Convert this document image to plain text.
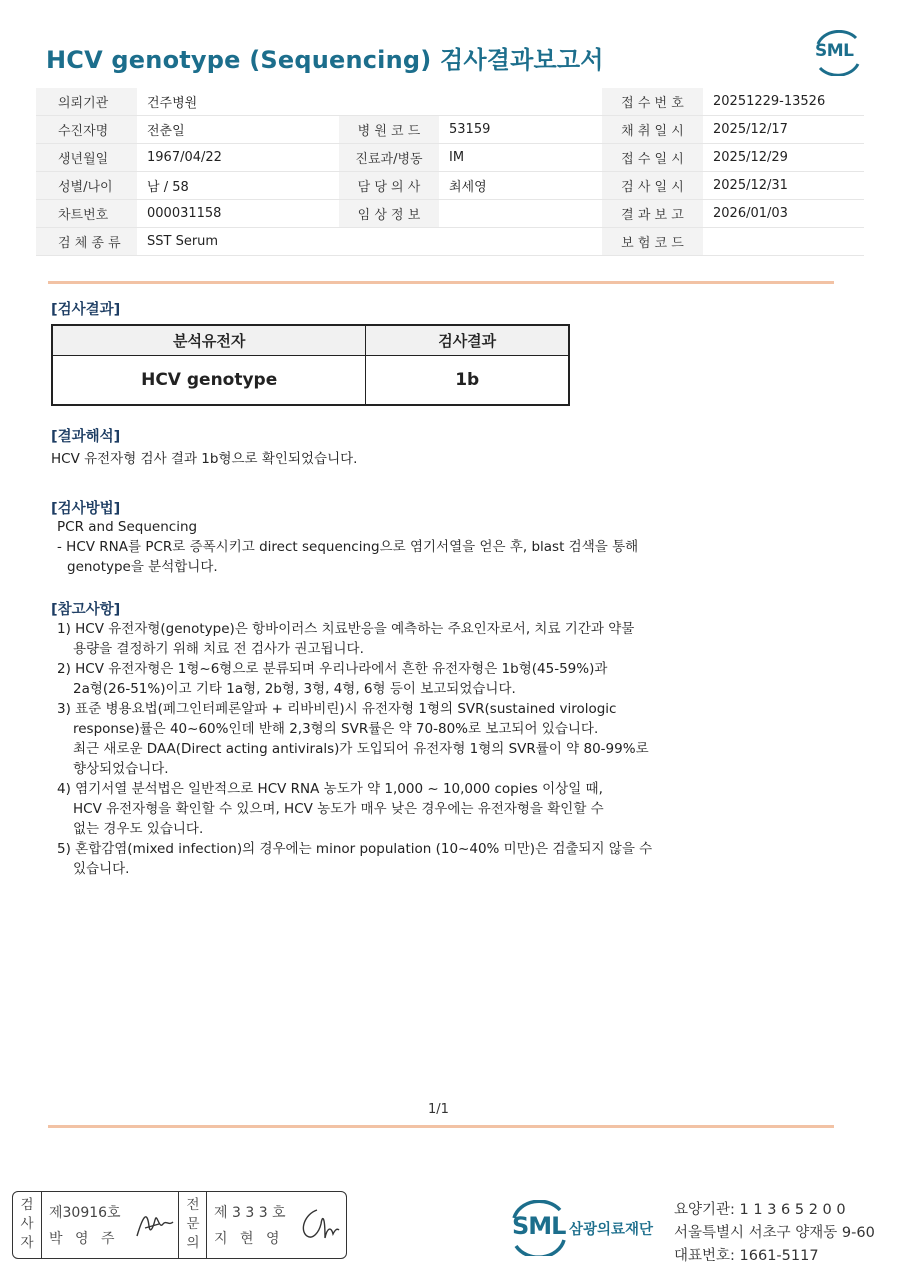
HCV genotype (Sequencing) 검사결과보고서	SML
의뢰기관	건주병원			접 수 번 호	20251229-13526
수진자명	전춘일	병 원 코 드	53159	채 취 일 시	2025/12/17
생년월일	1967/04/22	진료과/병동	IM	접 수 일 시	2025/12/29
성별/나이	남 / 58	담 당 의 사	최세영	검 사 일 시	2025/12/31
차트번호	000031158	임 상 정 보		결 과 보 고	2026/01/03
검 체 종 류	SST Serum			보 험 코 드	
[검사결과]
분석유전자	검사결과
HCV genotype	1b
[결과해석]
HCV 유전자형 검사 결과 1b형으로 확인되었습니다.
[검사방법]
PCR and Sequencing
- HCV RNA를 PCR로 증폭시키고 direct sequencing으로 염기서열을 얻은 후, blast 검색을 통해
genotype을 분석합니다.
[참고사항]
1) HCV 유전자형(genotype)은 항바이러스 치료반응을 예측하는 주요인자로서, 치료 기간과 약물
용량을 결정하기 위해 치료 전 검사가 권고됩니다.
2) HCV 유전자형은 1형~6형으로 분류되며 우리나라에서 흔한 유전자형은 1b형(45-59%)과
2a형(26-51%)이고 기타 1a형, 2b형, 3형, 4형, 6형 등이 보고되었습니다.
3) 표준 병용요법(페그인터페론알파 + 리바비린)시 유전자형 1형의 SVR(sustained virologic
response)률은 40~60%인데 반해 2,3형의 SVR률은 약 70-80%로 보고되어 있습니다.
최근 새로운 DAA(Direct acting antivirals)가 도입되어 유전자형 1형의 SVR률이 약 80-99%로
향상되었습니다.
4) 염기서열 분석법은 일반적으로 HCV RNA 농도가 약 1,000 ~ 10,000 copies 이상일 때,
HCV 유전자형을 확인할 수 있으며, HCV 농도가 매우 낮은 경우에는 유전자형을 확인할 수
없는 경우도 있습니다.
5) 혼합감염(mixed infection)의 경우에는 minor population (10~40% 미만)은 검출되지 않을 수
있습니다.
1/1
검
사
자
제30916호
박 영 주
전
문
의
제 3 3 3 호
지 현 영	SML 삼광의료재단
요양기관: 1 1 3 6 5 2 0 0
서울특별시 서초구 양재동 9-60
대표번호: 1661-5117
